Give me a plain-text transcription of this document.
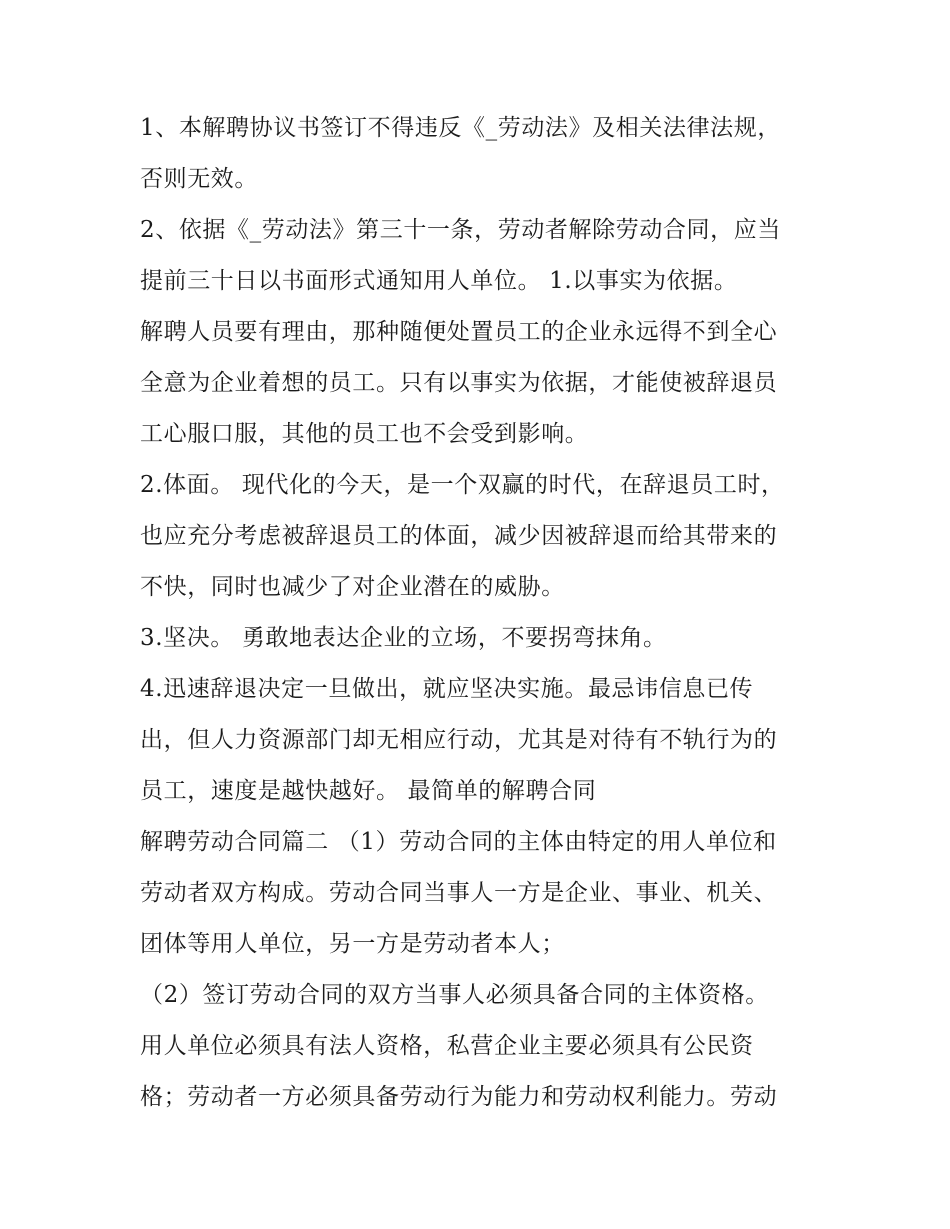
1、本解聘协议书签订不得违反《_劳动法》及相关法律法规，
否则无效。
2、依据《_劳动法》第三十一条，劳动者解除劳动合同，应当
提前三十日以书面形式通知用人单位。 1.以事实为依据。
解聘人员要有理由，那种随便处置员工的企业永远得不到全心
全意为企业着想的员工。只有以事实为依据，才能使被辞退员
工心服口服，其他的员工也不会受到影响。
2.体面。 现代化的今天，是一个双赢的时代，在辞退员工时，
也应充分考虑被辞退员工的体面，减少因被辞退而给其带来的
不快，同时也减少了对企业潜在的威胁。
3.坚决。 勇敢地表达企业的立场，不要拐弯抹角。
4.迅速辞退决定一旦做出，就应坚决实施。最忌讳信息已传
出，但人力资源部门却无相应行动，尤其是对待有不轨行为的
员工，速度是越快越好。 最简单的解聘合同
解聘劳动合同篇二 （1）劳动合同的主体由特定的用人单位和
劳动者双方构成。劳动合同当事人一方是企业、事业、机关、
团体等用人单位，另一方是劳动者本人；
（2）签订劳动合同的双方当事人必须具备合同的主体资格。
用人单位必须具有法人资格，私营企业主要必须具有公民资
格；劳动者一方必须具备劳动行为能力和劳动权利能力。劳动
